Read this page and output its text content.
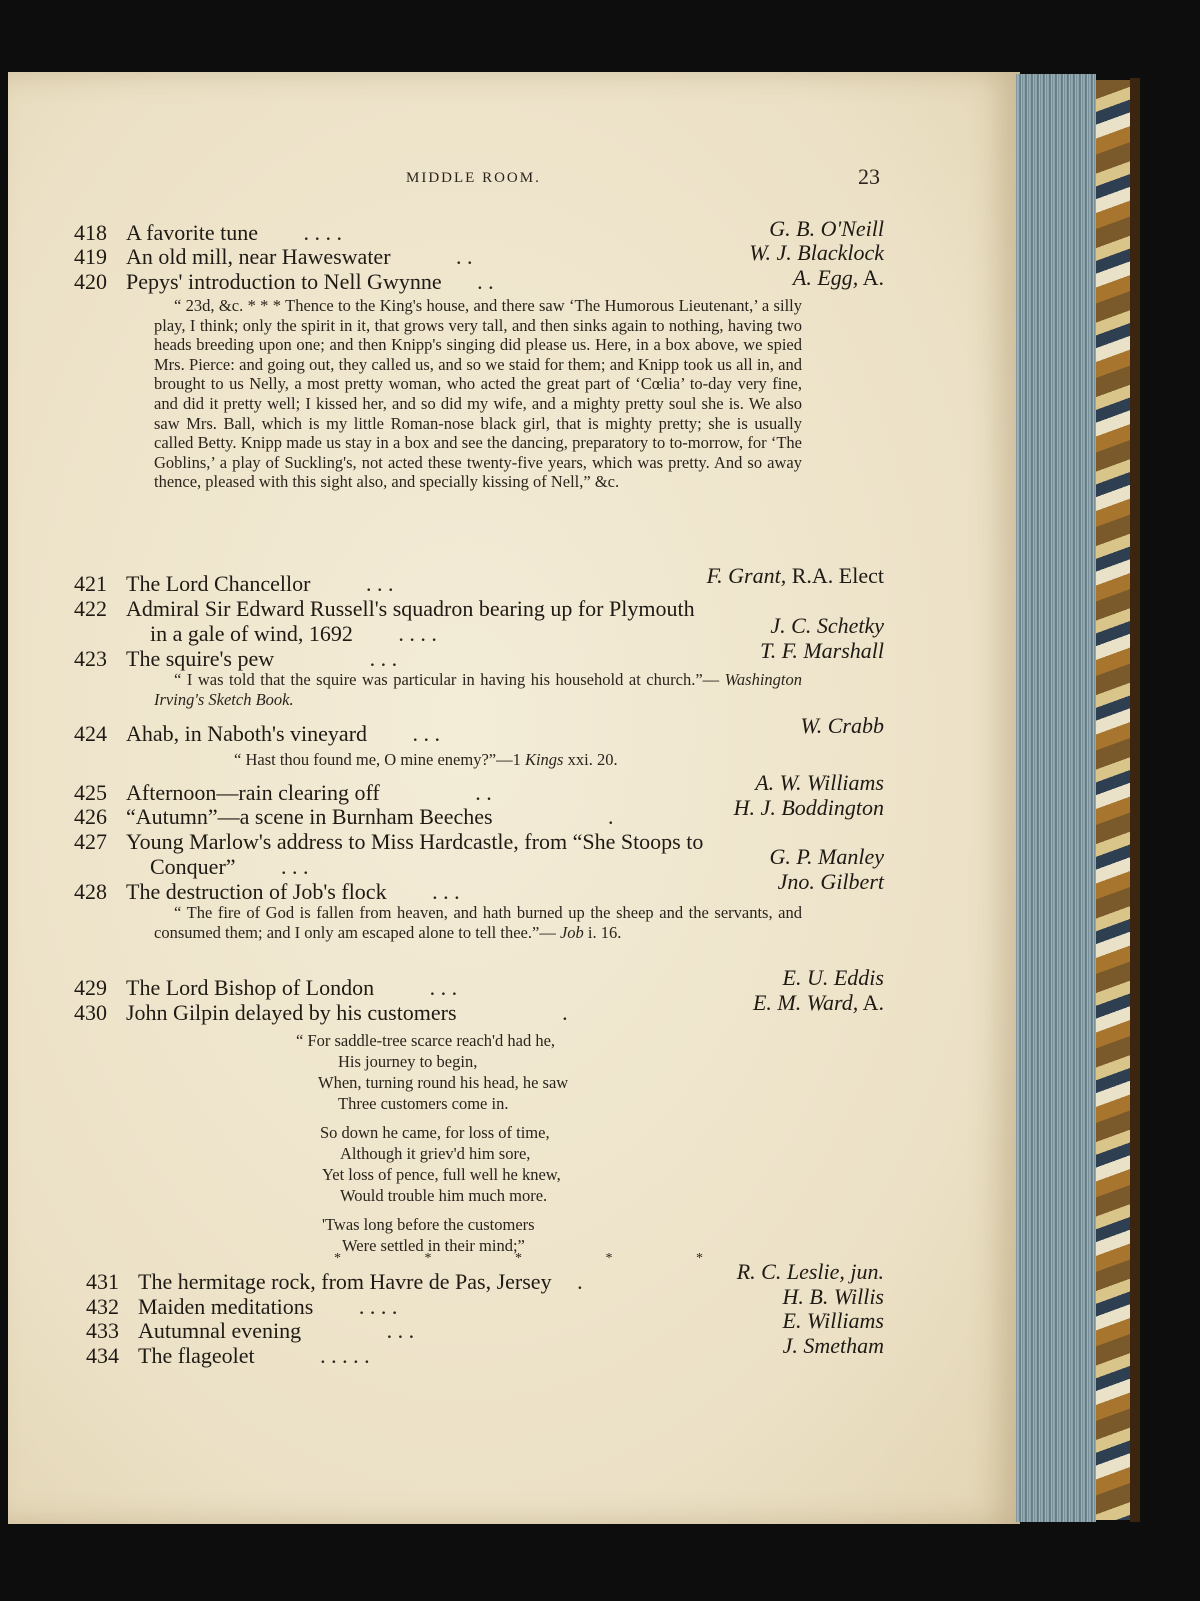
MIDDLE ROOM.	23
418 A favorite tune . . . .	G. B. O'Neill
419 An old mill, near Haweswater	. .	W. J. Blacklock
420 Pepys' introduction to Nell Gwynne . .	A. Egg, A.
“ 23d, &c. * * * Thence to the King's house, and there saw ‘The Humorous Lieutenant,’ a silly play, I think; only the spirit in it, that grows very tall, and then sinks again to nothing, having two heads breeding upon one; and then Knipp's singing did please us. Here, in a box above, we spied Mrs. Pierce: and going out, they called us, and so we staid for them; and Knipp took us all in, and brought to us Nelly, a most pretty woman, who acted the great part of ‘Cœlia’ to-day very fine, and did it pretty well; I kissed her, and so did my wife, and a mighty pretty soul she is. We also saw Mrs. Ball, which is my little Roman-nose black girl, that is mighty pretty; she is usually called Betty. Knipp made us stay in a box and see the dancing, preparatory to to-morrow, for ‘The Goblins,’ a play of Suckling's, not acted these twenty-five years, which was pretty. And so away thence, pleased with this sight also, and specially kissing of Nell,” &c.
421 The Lord Chancellor	. . .	F. Grant, R.A. Elect
422 Admiral Sir Edward Russell's squadron bearing up for Plymouth
in a gale of wind, 1692 . . . .	J. C. Schetky
423 The squire's pew	. . .	T. F. Marshall
“ I was told that the squire was particular in having his household at church.”— Washington Irving's Sketch Book.
424 Ahab, in Naboth's vineyard . . .	W. Crabb
“ Hast thou found me, O mine enemy?”—1 Kings xxi. 20.
425 Afternoon—rain clearing off	. .	A. W. Williams
426 “Autumn”—a scene in Burnham Beeches	.	H. J. Boddington
427 Young Marlow's address to Miss Hardcastle, from “She Stoops to
Conquer” . . .	G. P. Manley
428 The destruction of Job's flock . . .	Jno. Gilbert
“ The fire of God is fallen from heaven, and hath burned up the sheep and the servants, and consumed them; and I only am escaped alone to tell thee.”— Job i. 16.
429 The Lord Bishop of London	. . .	E. U. Eddis
430 John Gilpin delayed by his customers	.	E. M. Ward, A.
“ For saddle-tree scarce reach'd had he,
His journey to begin,
When, turning round his head, he saw
Three customers come in.
So down he came, for loss of time,
Although it griev'd him sore,
Yet loss of pence, full well he knew,
Would trouble him much more.
'Twas long before the customers
Were settled in their mind;”
* * * * *
431 The hermitage rock, from Havre de Pas, Jersey .	R. C. Leslie, jun.
432 Maiden meditations . . . .	H. B. Willis
433 Autumnal evening	. . .	E. Williams
434 The flageolet	. . . . .	J. Smetham
